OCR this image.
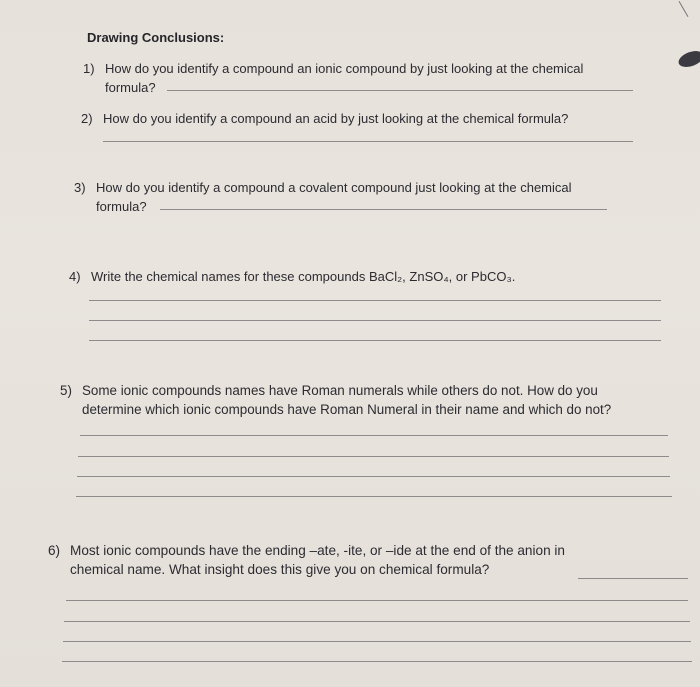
Drawing Conclusions:
1) How do you identify a compound an ionic compound by just looking at the chemical
formula?
2) How do you identify a compound an acid by just looking at the chemical formula?
3) How do you identify a compound a covalent compound just looking at the chemical
formula?
4) Write the chemical names for these compounds BaCl₂, ZnSO₄, or PbCO₃.
5) Some ionic compounds names have Roman numerals while others do not. How do you
determine which ionic compounds have Roman Numeral in their name and which do not?
6) Most ionic compounds have the ending –ate, -ite, or –ide at the end of the anion in
chemical name. What insight does this give you on chemical formula?
